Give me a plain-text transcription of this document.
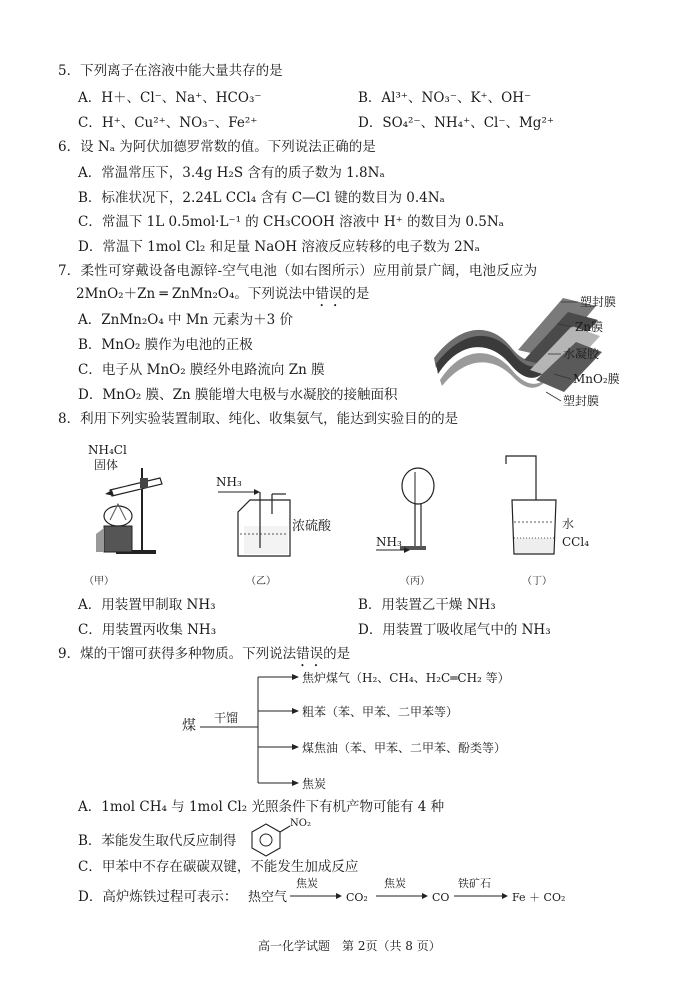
5．下列离子在溶液中能大量共存的是
A．H＋、Cl⁻、Na⁺、HCO₃⁻	B．Al³⁺、NO₃⁻、K⁺、OH⁻
C．H⁺、Cu²⁺、NO₃⁻、Fe²⁺	D．SO₄²⁻、NH₄⁺、Cl⁻、Mg²⁺
6．设 Nₐ 为阿伏加德罗常数的值。下列说法正确的是
A．常温常压下，3.4g H₂S 含有的质子数为 1.8Nₐ
B．标准状况下，2.24L CCl₄ 含有 C—Cl 键的数目为 0.4Nₐ
C．常温下 1L 0.5mol·L⁻¹ 的 CH₃COOH 溶液中 H⁺ 的数目为 0.5Nₐ
D．常温下 1mol Cl₂ 和足量 NaOH 溶液反应转移的电子数为 2Nₐ
7．柔性可穿戴设备电源锌-空气电池（如右图所示）应用前景广阔，电池反应为
2MnO₂＋Zn ═ ZnMn₂O₄。下列说法中错误的是
A．ZnMn₂O₄ 中 Mn 元素为＋3 价
B．MnO₂ 膜作为电池的正极
C．电子从 MnO₂ 膜经外电路流向 Zn 膜
D．MnO₂ 膜、Zn 膜能增大电极与水凝胶的接触面积
塑封膜
Zn膜
水凝胶
MnO₂膜
塑封膜
8．利用下列实验装置制取、纯化、收集氨气，能达到实验目的的是
NH₄Cl
固体
NH₃
浓硫酸
NH₃
水
CCl₄
（甲）	（乙）	（丙）	（丁）
A．用装置甲制取 NH₃	B．用装置乙干燥 NH₃
C．用装置丙收集 NH₃	D．用装置丁吸收尾气中的 NH₃
9．煤的干馏可获得多种物质。下列说法错误的是
煤 干馏
焦炉煤气（H₂、CH₄、H₂C═CH₂ 等）
粗苯（苯、甲苯、二甲苯等）
煤焦油（苯、甲苯、二甲苯、酚类等）
焦炭
A．1mol CH₄ 与 1mol Cl₂ 光照条件下有机产物可能有 4 种
B．苯能发生取代反应制得
NO₂
C．甲苯中不存在碳碳双键，不能发生加成反应
D．高炉炼铁过程可表示： 热空气
焦炭
CO₂
焦炭
CO
铁矿石
Fe ＋ CO₂
高一化学试题　第 2页（共 8 页）
